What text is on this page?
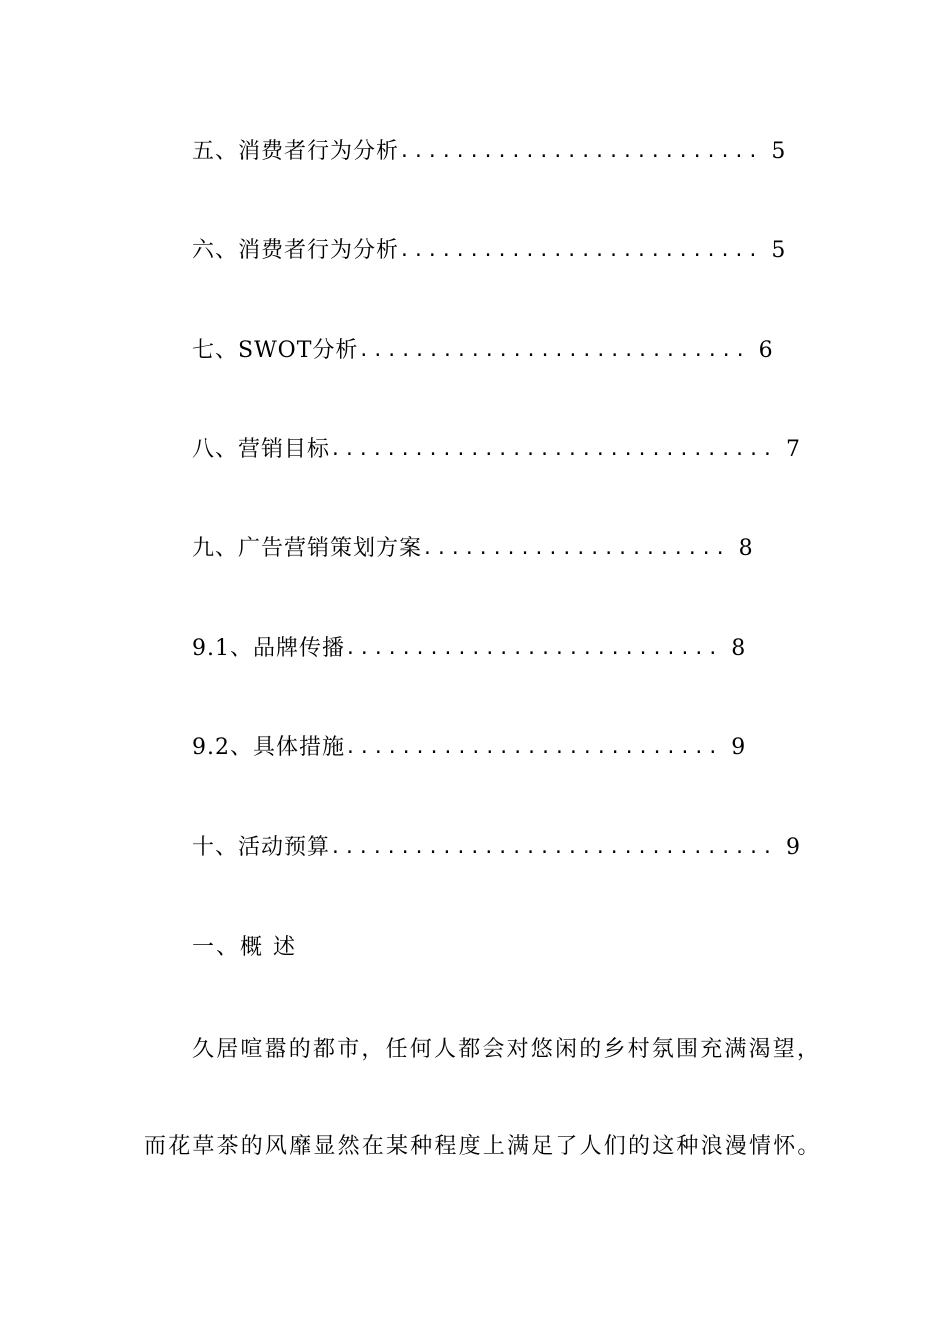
五、消费者行为分析.......................... 5
六、消费者行为分析.......................... 5
七、SWOT分析............................ 6
八、营销目标................................ 7
九、广告营销策划方案...................... 8
9.1、品牌传播........................... 8
9.2、具体措施........................... 9
十、活动预算................................ 9
一、概 述
久居喧嚣的都市，任何人都会对悠闲的乡村氛围充满渴望，
而花草茶的风靡显然在某种程度上满足了人们的这种浪漫情怀。
